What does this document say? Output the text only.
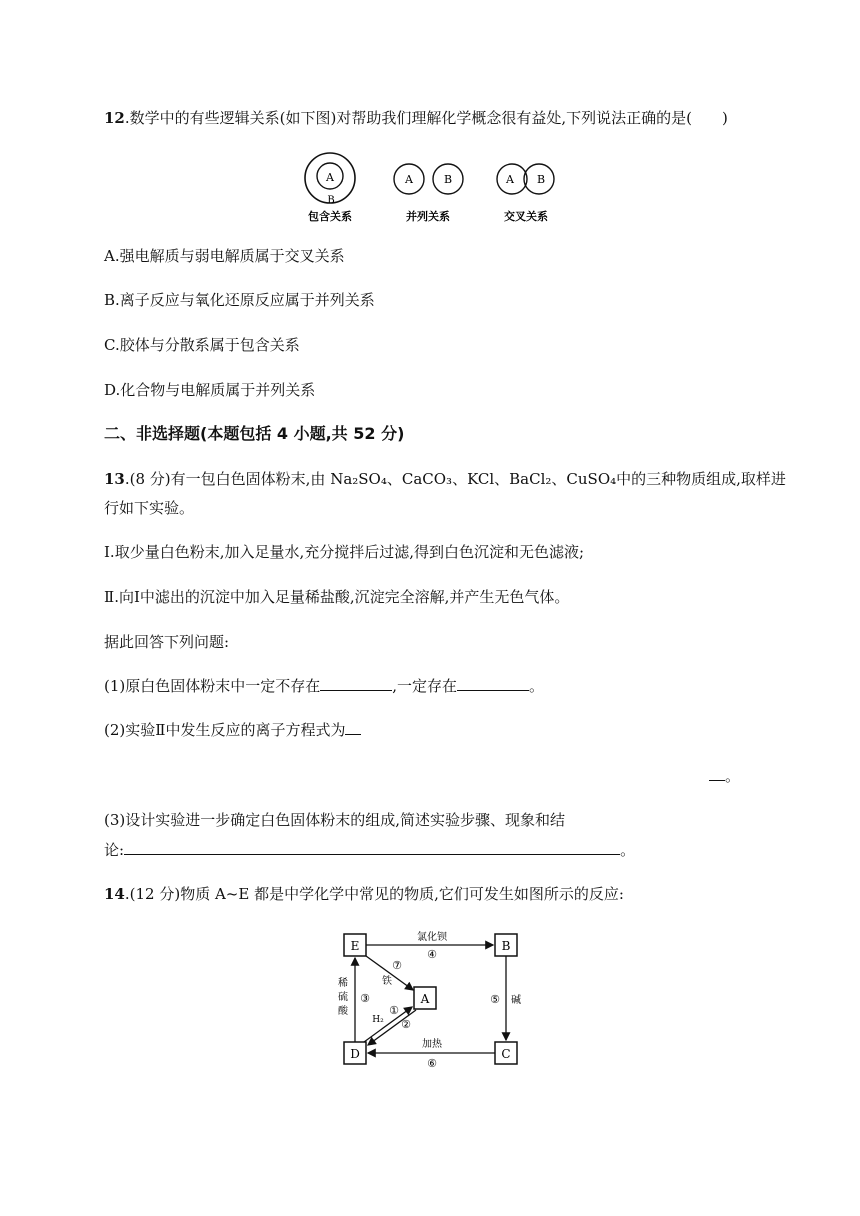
12.数学中的有些逻辑关系(如下图)对帮助我们理解化学概念很有益处,下列说法正确的是(　　)
A
B
包含关系
A	B
并列关系
A B
交叉关系
A.强电解质与弱电解质属于交叉关系
B.离子反应与氧化还原反应属于并列关系
C.胶体与分散系属于包含关系
D.化合物与电解质属于并列关系
二、非选择题(本题包括 4 小题,共 52 分)
13.(8 分)有一包白色固体粉末,由 Na₂SO₄、CaCO₃、KCl、BaCl₂、CuSO₄中的三种物质组成,取样进
行如下实验。
Ⅰ.取少量白色粉末,加入足量水,充分搅拌后过滤,得到白色沉淀和无色滤液;
Ⅱ.向Ⅰ中滤出的沉淀中加入足量稀盐酸,沉淀完全溶解,并产生无色气体。
据此回答下列问题:
(1)原白色固体粉末中一定不存在	,一定存在	。
(2)实验Ⅱ中发生反应的离子方程式为
。
(3)设计实验进一步确定白色固体粉末的组成,简述实验步骤、现象和结
论:	。
14.(12 分)物质 A~E 都是中学化学中常见的物质,它们可发生如图所示的反应:
E	B
A
D	C
氯化钡
④
⑤ 碱
加热
⑥
③
稀
硫
酸
⑦
铁
②
①
H₂
